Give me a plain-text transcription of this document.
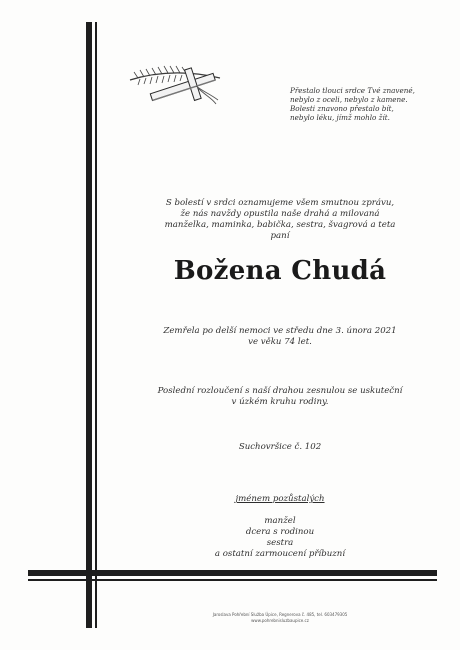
Přestalo tlouci srdce Tvé znavené,
nebylo z oceli, nebylo z kamene.
Bolesti znavono přestalo bít,
nebylo léku, jímž mohlo žít.
S bolestí v srdci oznamujeme všem smutnou zprávu,
že nás navždy opustila naše drahá a milovaná
manželka, maminka, babička, sestra, švagrová a teta
paní
Božena Chudá
Zemřela po delší nemoci ve středu dne 3. února 2021
ve věku 74 let.
Poslední rozloučení s naší drahou zesnulou se uskuteční
v úzkém kruhu rodiny.
Suchovršice č. 102
jménem pozůstalých
manžel
dcera s rodinou
sestra
a ostatní zarmoucení příbuzní
Jaroslava Pohřební Služba Úpice, Regnerova č. 485, tel. 603479305
www.pohrebnisluzbaupice.cz
